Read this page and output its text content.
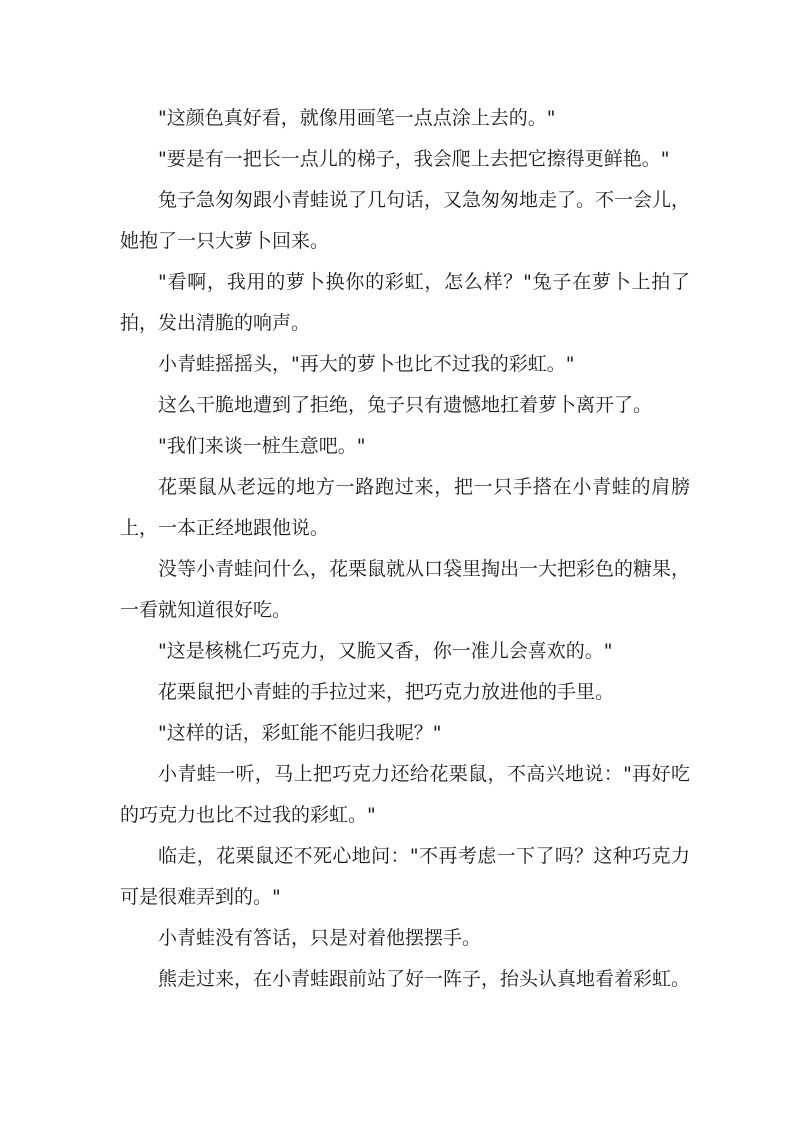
"这颜色真好看，就像用画笔一点点涂上去的。"

"要是有一把长一点儿的梯子，我会爬上去把它擦得更鲜艳。"

兔子急匆匆跟小青蛙说了几句话，又急匆匆地走了。不一会儿，她抱了一只大萝卜回来。

"看啊，我用的萝卜换你的彩虹，怎么样？"兔子在萝卜上拍了拍，发出清脆的响声。

小青蛙摇摇头，"再大的萝卜也比不过我的彩虹。"

这么干脆地遭到了拒绝，兔子只有遗憾地扛着萝卜离开了。

"我们来谈一桩生意吧。"

花栗鼠从老远的地方一路跑过来，把一只手搭在小青蛙的肩膀上，一本正经地跟他说。

没等小青蛙问什么，花栗鼠就从口袋里掏出一大把彩色的糖果，一看就知道很好吃。

"这是核桃仁巧克力，又脆又香，你一准儿会喜欢的。"

花栗鼠把小青蛙的手拉过来，把巧克力放进他的手里。

"这样的话，彩虹能不能归我呢？"

小青蛙一听，马上把巧克力还给花栗鼠，不高兴地说："再好吃的巧克力也比不过我的彩虹。"

临走，花栗鼠还不死心地问："不再考虑一下了吗？这种巧克力可是很难弄到的。"

小青蛙没有答话，只是对着他摆摆手。

熊走过来，在小青蛙跟前站了好一阵子，抬头认真地看着彩虹。
